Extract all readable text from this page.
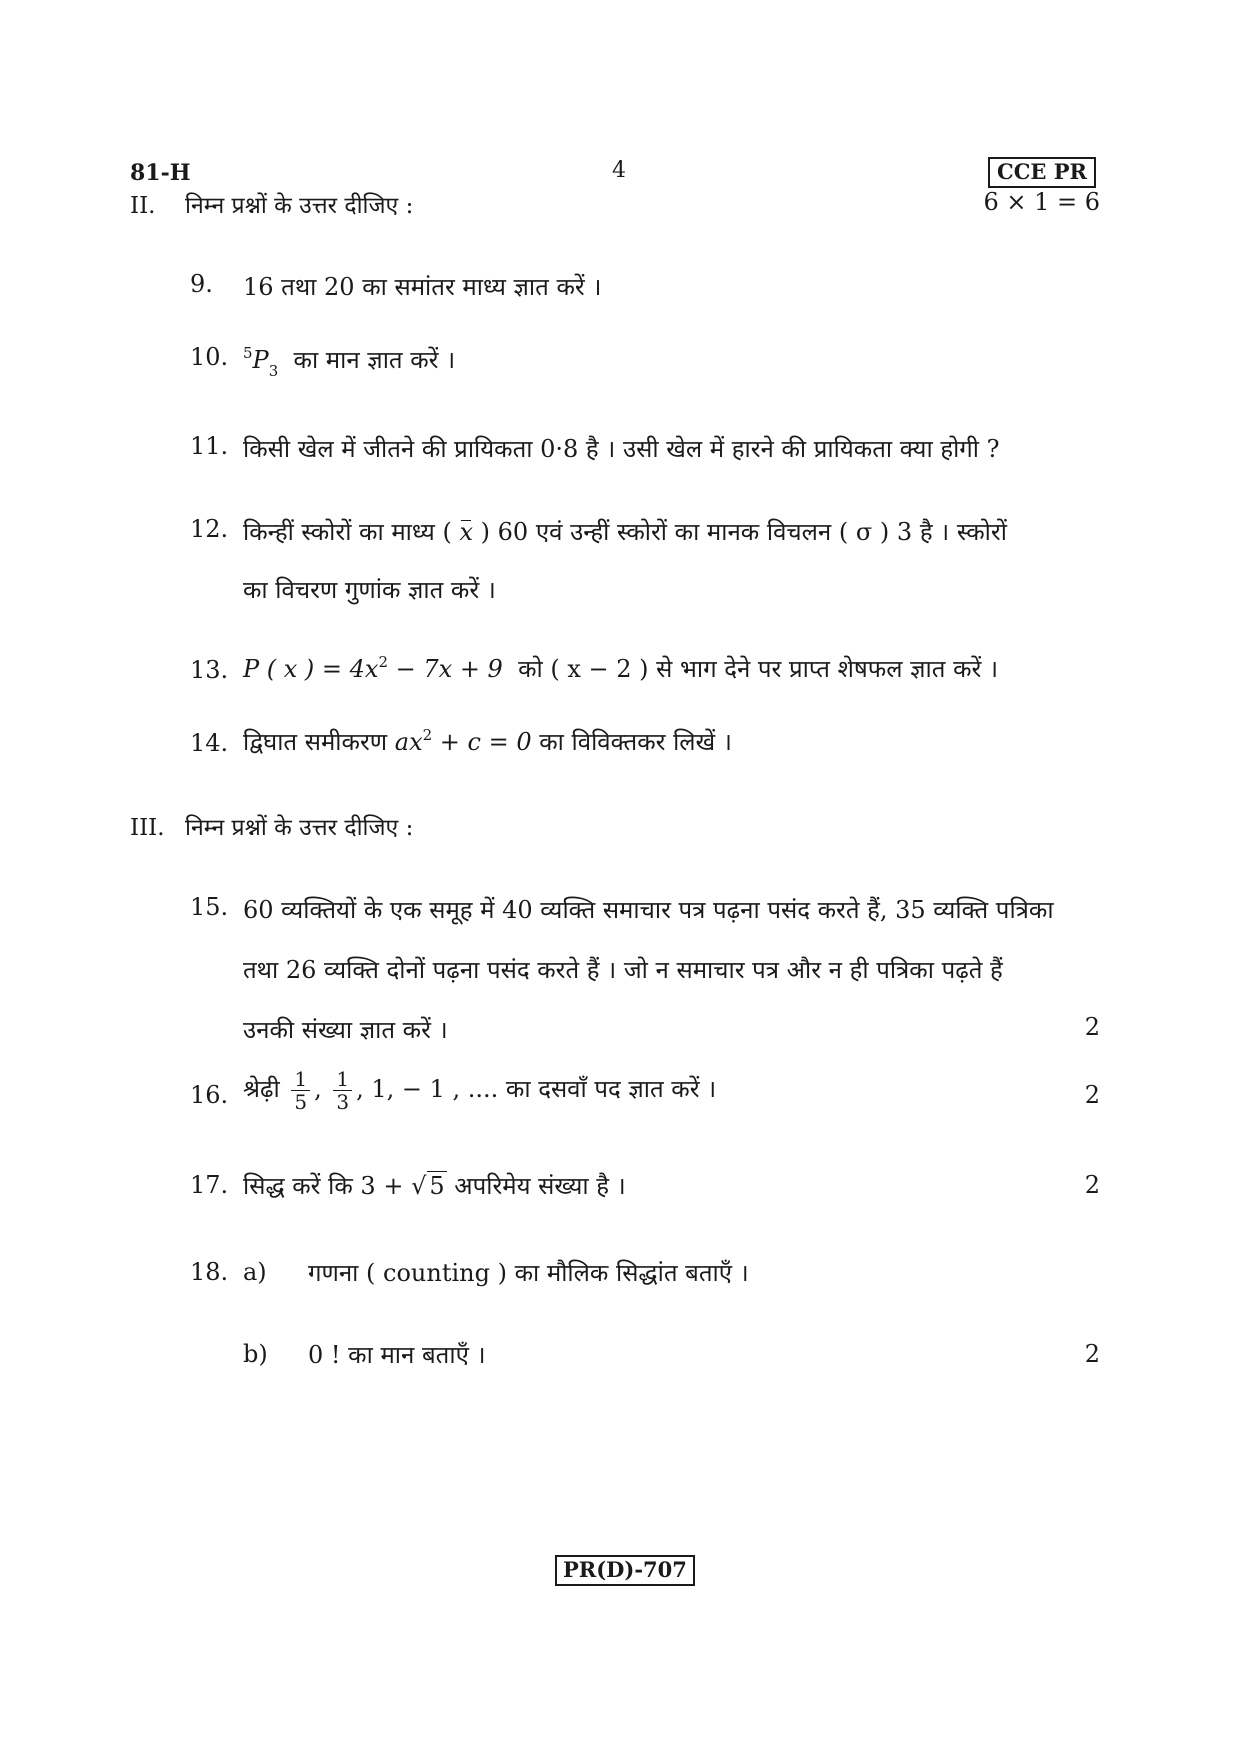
81-H	4	CCE PR
II. निम्न प्रश्नों के उत्तर दीजिए :	6 × 1 = 6
9. 16 तथा 20 का समांतर माध्य ज्ञात करें ।
10. $^5P_3$ का मान ज्ञात करें ।
11. किसी खेल में जीतने की प्रायिकता 0·8 है । उसी खेल में हारने की प्रायिकता क्या होगी ?
12. किन्हीं स्कोरों का माध्य ( x ) 60 एवं उन्हीं स्कोरों का मानक विचलन ( σ ) 3 है । स्कोरों
का विचरण गुणांक ज्ञात करें ।
13. P ( x ) = $4x^2 - 7x + 9$ को ( x − 2 ) से भाग देने पर प्राप्त शेषफल ज्ञात करें ।
14. द्विघात समीकरण $ax^2 + c = 0$ का विविक्तकर लिखें ।
III. निम्न प्रश्नों के उत्तर दीजिए :
15. 60 व्यक्तियों के एक समूह में 40 व्यक्ति समाचार पत्र पढ़ना पसंद करते हैं, 35 व्यक्ति पत्रिका
तथा 26 व्यक्ति दोनों पढ़ना पसंद करते हैं । जो न समाचार पत्र और न ही पत्रिका पढ़ते हैं
उनकी संख्या ज्ञात करें ।	2
16. श्रेढ़ी $\frac{1}{5}$ , $\frac{1}{3}$ , 1, − 1 , .... का दसवाँ पद ज्ञात करें ।	2
17. सिद्ध करें कि 3 + √ 5 अपरिमेय संख्या है ।	2
18. a) गणना ( counting ) का मौलिक सिद्धांत बताएँ ।
b) 0 ! का मान बताएँ ।	2
PR(D)-707
